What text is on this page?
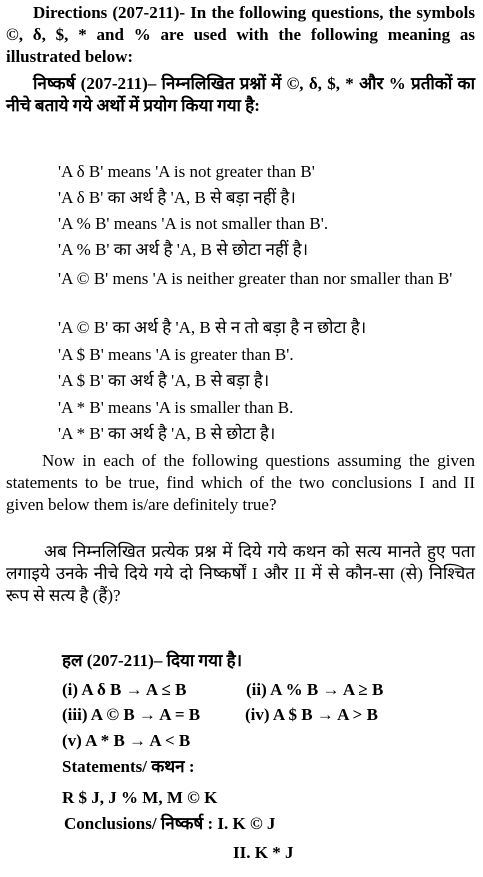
Directions (207-211)- In the following questions, the symbols ©, δ, $, * and % are used with the following meaning as illustrated below:

निष्कर्ष (207-211)– निम्नलिखित प्रश्नों में ©, δ, $, * और % प्रतीकों का नीचे बताये गये अर्थो में प्रयोग किया गया है:

'A δ B' means 'A is not greater than B'

'A δ B' का अर्थ है 'A, B से बड़ा नहीं है।

'A % B' means 'A is not smaller than B'.

'A % B' का अर्थ है 'A, B से छोटा नहीं है।

'A © B' mens 'A is neither greater than nor smaller than B'

'A © B' का अर्थ है 'A, B से न तो बड़ा है न छोटा है।

'A $ B' means 'A is greater than B'.

'A $ B' का अर्थ है 'A, B से बड़ा है।

'A * B' means 'A is smaller than B.

'A * B' का अर्थ है 'A, B से छोटा है।

Now in each of the following questions assuming the given statements to be true, find which of the two conclusions I and II given below them is/are definitely true?

अब निम्नलिखित प्रत्येक प्रश्न में दिये गये कथन को सत्य मानते हुए पता लगाइये उनके नीचे दिये गये दो निष्कर्षों I और II में से कौन-सा (से) निश्चित रूप से सत्य है (हैं)?

हल (207-211)– दिया गया है।

(i) A δ B → A ≤ B	(ii) A % B → A ≥ B

(iii) A © B → A = B	(iv) A $ B → A > B

(v) A * B → A < B

Statements/ कथन :

R $ J, J % M, M © K

Conclusions/ निष्कर्ष : I. K © J

II. K * J
